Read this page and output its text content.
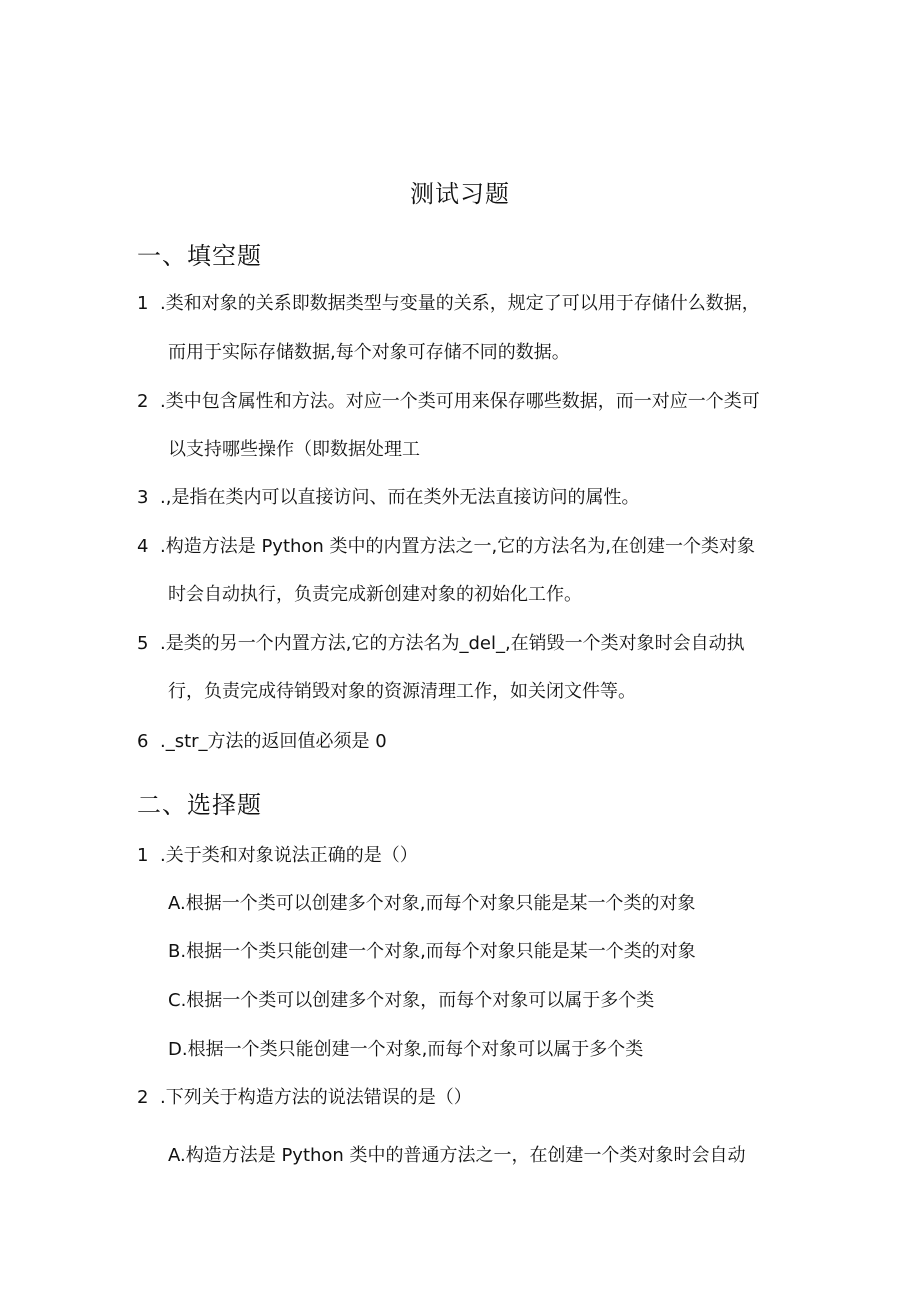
测试习题
一、填空题
1 .类和对象的关系即数据类型与变量的关系，规定了可以用于存储什么数据，
而用于实际存储数据,每个对象可存储不同的数据。
2 .类中包含属性和方法。对应一个类可用来保存哪些数据，而一对应一个类可
以支持哪些操作（即数据处理工
3 .,是指在类内可以直接访问、而在类外无法直接访问的属性。
4 .构造方法是 Python 类中的内置方法之一,它的方法名为,在创建一个类对象
时会自动执行，负责完成新创建对象的初始化工作。
5 .是类的另一个内置方法,它的方法名为_del_,在销毁一个类对象时会自动执
行，负责完成待销毁对象的资源清理工作，如关闭文件等。
6 ._str_方法的返回值必须是 0
二、选择题
1 .关于类和对象说法正确的是（）
A.根据一个类可以创建多个对象,而每个对象只能是某一个类的对象
B.根据一个类只能创建一个对象,而每个对象只能是某一个类的对象
C.根据一个类可以创建多个对象，而每个对象可以属于多个类
D.根据一个类只能创建一个对象,而每个对象可以属于多个类
2 .下列关于构造方法的说法错误的是（）
A.构造方法是 Python 类中的普通方法之一，在创建一个类对象时会自动
